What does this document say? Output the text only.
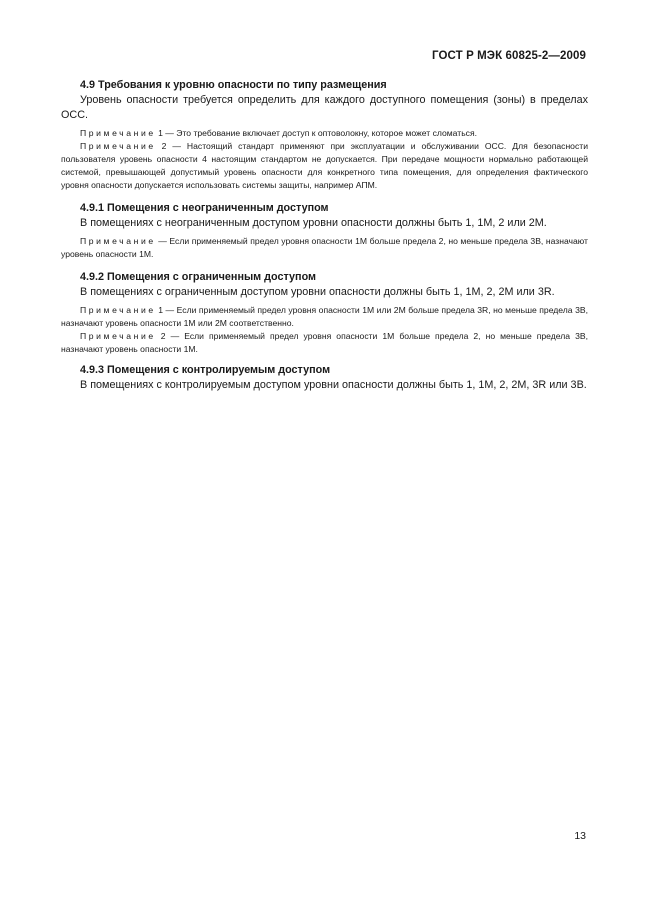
ГОСТ Р МЭК 60825-2—2009

4.9 Требования к уровню опасности по типу размещения

Уровень опасности требуется определить для каждого доступного помещения (зоны) в пределах ОСС.

Примечание 1 — Это требование включает доступ к оптоволокну, которое может сломаться.

Примечание 2 — Настоящий стандарт применяют при эксплуатации и обслуживании ОСС. Для безопасности пользователя уровень опасности 4 настоящим стандартом не допускается. При передаче мощности нормально работающей системой, превышающей допустимый уровень опасности для конкретного типа помещения, для определения фактического уровня опасности допускается использовать системы защиты, например АПМ.

4.9.1 Помещения с неограниченным доступом

В помещениях с неограниченным доступом уровни опасности должны быть 1, 1M, 2 или 2M.

Примечание — Если применяемый предел уровня опасности 1М больше предела 2, но меньше предела 3B, назначают уровень опасности 1М.

4.9.2 Помещения с ограниченным доступом

В помещениях с ограниченным доступом уровни опасности должны быть 1, 1M, 2, 2M или 3R.

Примечание 1 — Если применяемый предел уровня опасности 1М или 2М больше предела 3R, но меньше предела 3В, назначают уровень опасности 1М или 2М соответственно.

Примечание 2 — Если применяемый предел уровня опасности 1М больше предела 2, но меньше предела 3В, назначают уровень опасности 1М.

4.9.3 Помещения с контролируемым доступом

В помещениях с контролируемым доступом уровни опасности должны быть 1, 1M, 2, 2M, 3R или 3B.

13
